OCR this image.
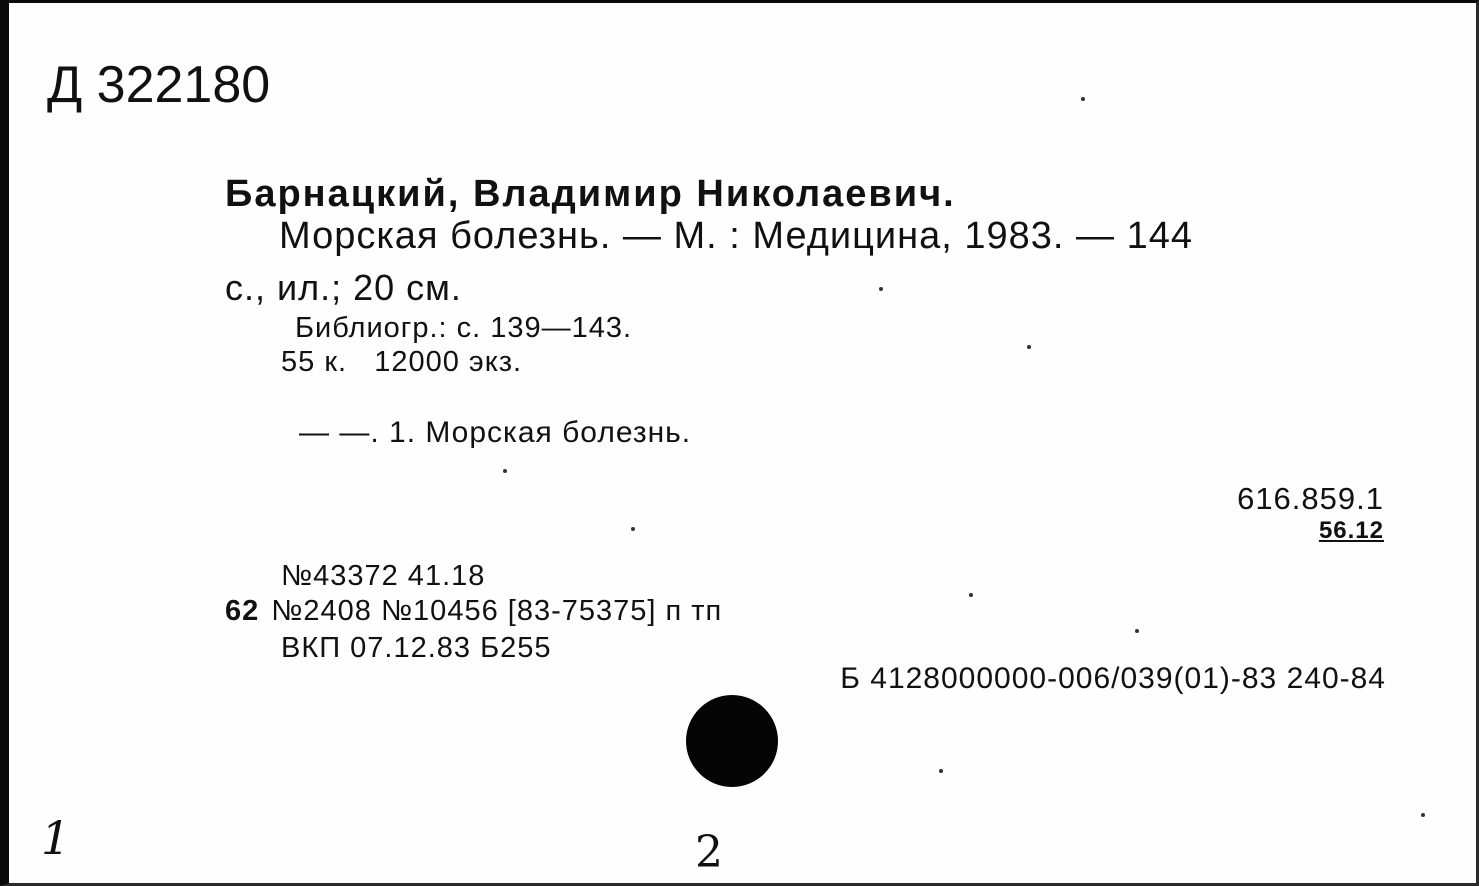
Д 322180
Барнацкий, Владимир Николаевич.
Морская болезнь. — М. : Медицина, 1983. — 144
с., ил.; 20 см.
Библиогр.: с. 139—143.
55 к.   12000 экз.
— —. 1. Морская болезнь.
616.859.1
56.12
№43372 41.18
62 №2408 №10456 [83-75375] п тп
ВКП 07.12.83 Б255
Б 4128000000-006/039(01)-83 240-84
1	2
